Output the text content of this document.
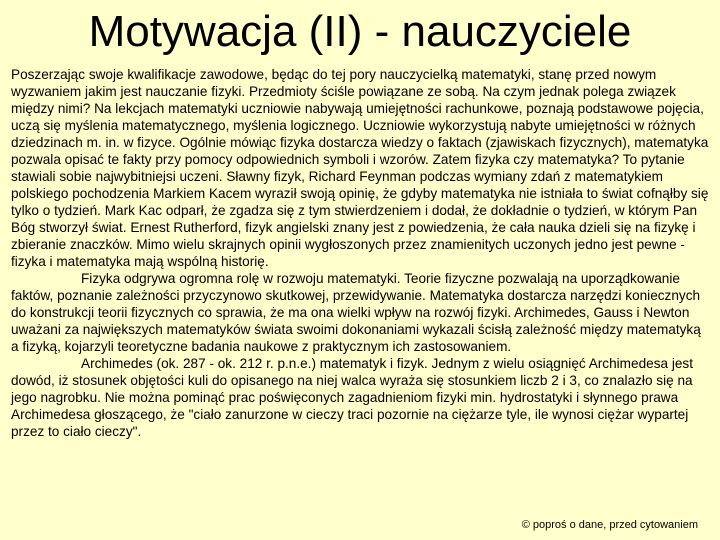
Motywacja (II) - nauczyciele

Poszerzając swoje kwalifikacje zawodowe, będąc do tej pory nauczycielką matematyki, stanę przed nowym wyzwaniem jakim jest nauczanie fizyki. Przedmioty ściśle powiązane ze sobą. Na czym jednak polega związek między nimi? Na lekcjach matematyki uczniowie nabywają umiejętności rachunkowe, poznają podstawowe pojęcia, uczą się myślenia matematycznego, myślenia logicznego. Uczniowie wykorzystują nabyte umiejętności w różnych dziedzinach m. in. w fizyce. Ogólnie mówiąc fizyka dostarcza wiedzy o faktach (zjawiskach fizycznych), matematyka pozwala opisać te fakty przy pomocy odpowiednich symboli i wzorów. Zatem fizyka czy matematyka? To pytanie stawiali sobie najwybitniejsi uczeni. Sławny fizyk, Richard Feynman podczas wymiany zdań z matematykiem polskiego pochodzenia Markiem Kacem wyraził swoją opinię, że gdyby matematyka nie istniała to świat cofnąłby się tylko o tydzień. Mark Kac odparł, że zgadza się z tym stwierdzeniem i dodał, że dokładnie o tydzień, w którym Pan Bóg stworzył świat. Ernest Rutherford, fizyk angielski znany jest z powiedzenia, że cała nauka dzieli się na fizykę i zbieranie znaczków. Mimo wielu skrajnych opinii wygłoszonych przez znamienitych uczonych jedno jest pewne - fizyka i matematyka mają wspólną historię.

Fizyka odgrywa ogromna rolę w rozwoju matematyki. Teorie fizyczne pozwalają na uporządkowanie faktów, poznanie zależności przyczynowo skutkowej, przewidywanie. Matematyka dostarcza narzędzi koniecznych do konstrukcji teorii fizycznych co sprawia, że ma ona wielki wpływ na rozwój fizyki. Archimedes, Gauss i Newton uważani za największych matematyków świata swoimi dokonaniami wykazali ścisłą zależność między matematyką a fizyką, kojarzyli teoretyczne badania naukowe z praktycznym ich zastosowaniem.

Archimedes (ok. 287 - ok. 212 r. p.n.e.) matematyk i fizyk. Jednym z wielu osiągnięć Archimedesa jest dowód, iż stosunek objętości kuli do opisanego na niej walca wyraża się stosunkiem liczb 2 i 3, co znalazło się na jego nagrobku. Nie można pominąć prac poświęconych zagadnieniom fizyki min. hydrostatyki i słynnego prawa Archimedesa głoszącego, że "ciało zanurzone w cieczy traci pozornie na ciężarze tyle, ile wynosi ciężar wypartej przez to ciało cieczy".

© poproś o dane, przed cytowaniem
